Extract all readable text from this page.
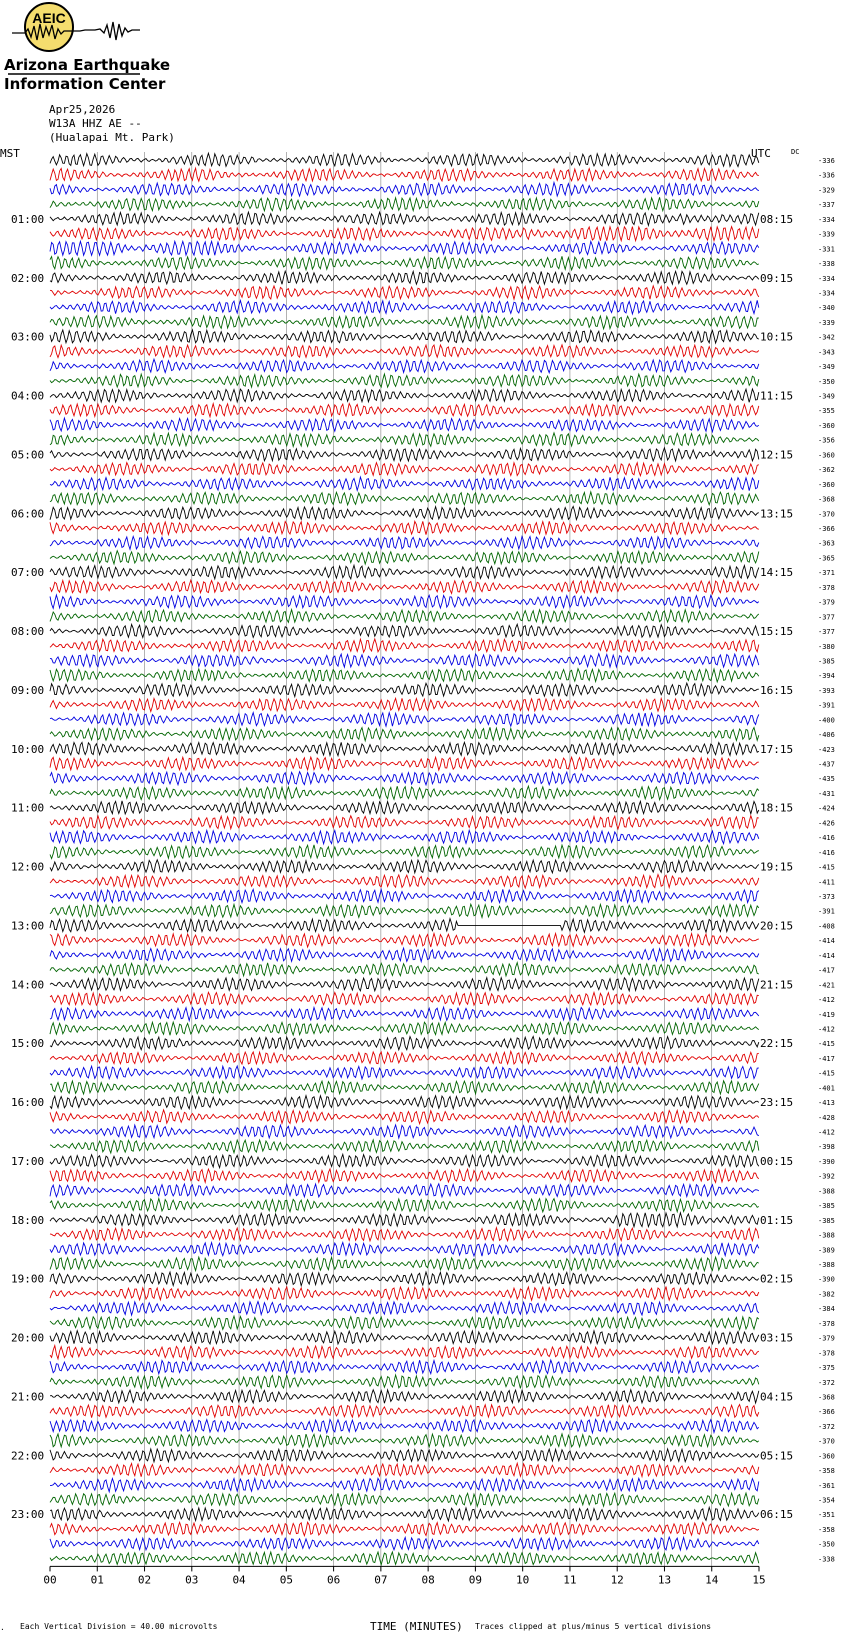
AEIC
Arizona Earthquake
Information Center
Apr25,2026
W13A HHZ AE --
(Hualapai Mt. Park)
MST	UTC	DC
01:00
02:00
03:00
04:00
05:00
06:00
07:00
08:00
09:00
10:00
11:00
12:00
13:00
14:00
15:00
16:00
17:00
18:00
19:00
20:00
21:00
22:00
23:00
08:15
09:15
10:15
11:15
12:15
13:15
14:15
15:15
16:15
17:15
18:15
19:15
20:15
21:15
22:15
23:15
00:15
01:15
02:15
03:15
04:15
05:15
06:15
-336
-336
-329
-337
-334
-339
-331
-338
-334
-334
-340
-339
-342
-343
-349
-350
-349
-355
-360
-356
-360
-362
-360
-368
-370
-366
-363
-365
-371
-378
-379
-377
-377
-380
-385
-394
-393
-391
-400
-406
-423
-437
-435
-431
-424
-426
-416
-416
-415
-411
-373
-391
-408
-414
-414
-417
-421
-412
-419
-412
-415
-417
-415
-401
-413
-428
-412
-398
-390
-392
-388
-385
-385
-388
-389
-388
-390
-382
-384
-378
-379
-378
-375
-372
-368
-366
-372
-370
-360
-358
-361
-354
-351
-358
-350
-338
00	01	02	03	04	05	06	07	08	09	10	11	12	13	14	15
. Each Vertical Division = 40.00 microvolts	TIME (MINUTES) Traces clipped at plus/minus 5 vertical divisions
